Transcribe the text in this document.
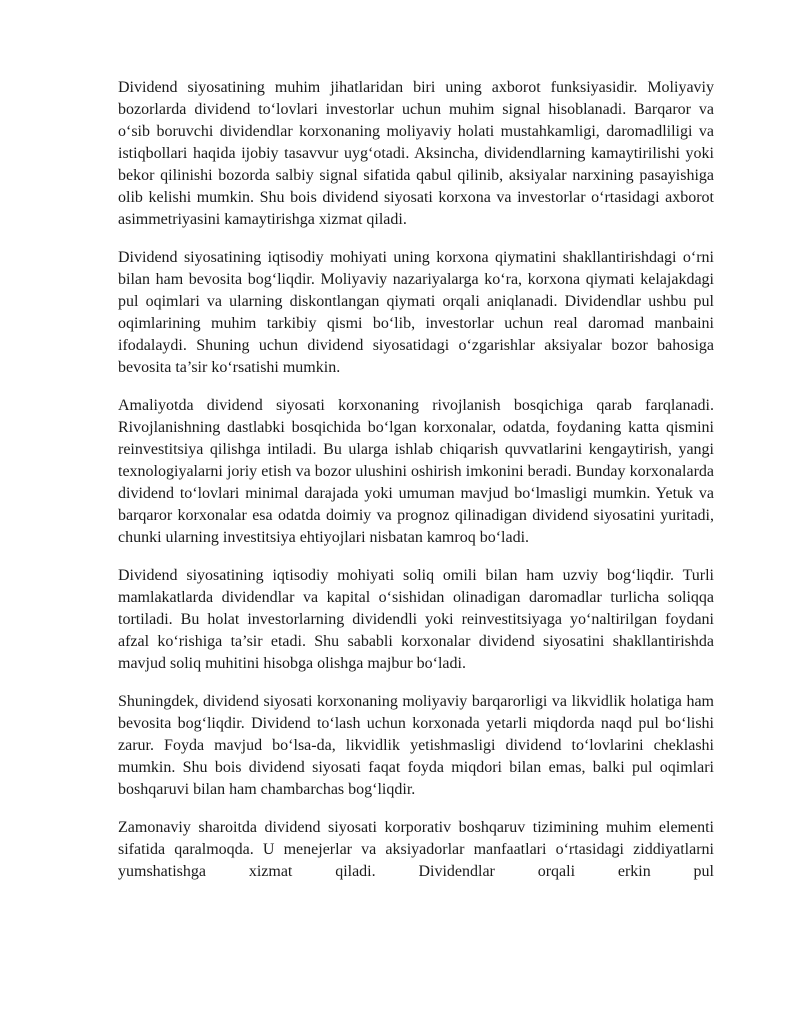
Dividend siyosatining muhim jihatlaridan biri uning axborot funksiyasidir. Moliyaviy bozorlarda dividend to‘lovlari investorlar uchun muhim signal hisoblanadi. Barqaror va o‘sib boruvchi dividendlar korxonaning moliyaviy holati mustahkamligi, daromadliligi va istiqbollari haqida ijobiy tasavvur uyg‘otadi. Aksincha, dividendlarning kamaytirilishi yoki bekor qilinishi bozorda salbiy signal sifatida qabul qilinib, aksiyalar narxining pasayishiga olib kelishi mumkin. Shu bois dividend siyosati korxona va investorlar o‘rtasidagi axborot asimmetriyasini kamaytirishga xizmat qiladi.

Dividend siyosatining iqtisodiy mohiyati uning korxona qiymatini shakllantirishdagi o‘rni bilan ham bevosita bog‘liqdir. Moliyaviy nazariyalarga ko‘ra, korxona qiymati kelajakdagi pul oqimlari va ularning diskontlangan qiymati orqali aniqlanadi. Dividendlar ushbu pul oqimlarining muhim tarkibiy qismi bo‘lib, investorlar uchun real daromad manbaini ifodalaydi. Shuning uchun dividend siyosatidagi o‘zgarishlar aksiyalar bozor bahosiga bevosita ta’sir ko‘rsatishi mumkin.

Amaliyotda dividend siyosati korxonaning rivojlanish bosqichiga qarab farqlanadi. Rivojlanishning dastlabki bosqichida bo‘lgan korxonalar, odatda, foydaning katta qismini reinvestitsiya qilishga intiladi. Bu ularga ishlab chiqarish quvvatlarini kengaytirish, yangi texnologiyalarni joriy etish va bozor ulushini oshirish imkonini beradi. Bunday korxonalarda dividend to‘lovlari minimal darajada yoki umuman mavjud bo‘lmasligi mumkin. Yetuk va barqaror korxonalar esa odatda doimiy va prognoz qilinadigan dividend siyosatini yuritadi, chunki ularning investitsiya ehtiyojlari nisbatan kamroq bo‘ladi.

Dividend siyosatining iqtisodiy mohiyati soliq omili bilan ham uzviy bog‘liqdir. Turli mamlakatlarda dividendlar va kapital o‘sishidan olinadigan daromadlar turlicha soliqqa tortiladi. Bu holat investorlarning dividendli yoki reinvestitsiyaga yo‘naltirilgan foydani afzal ko‘rishiga ta’sir etadi. Shu sababli korxonalar dividend siyosatini shakllantirishda mavjud soliq muhitini hisobga olishga majbur bo‘ladi.

Shuningdek, dividend siyosati korxonaning moliyaviy barqarorligi va likvidlik holatiga ham bevosita bog‘liqdir. Dividend to‘lash uchun korxonada yetarli miqdorda naqd pul bo‘lishi zarur. Foyda mavjud bo‘lsa-da, likvidlik yetishmasligi dividend to‘lovlarini cheklashi mumkin. Shu bois dividend siyosati faqat foyda miqdori bilan emas, balki pul oqimlari boshqaruvi bilan ham chambarchas bog‘liqdir.

Zamonaviy sharoitda dividend siyosati korporativ boshqaruv tizimining muhim elementi sifatida qaralmoqda. U menejerlar va aksiyadorlar manfaatlari o‘rtasidagi ziddiyatlarni yumshatishga xizmat qiladi. Dividendlar orqali erkin pul
